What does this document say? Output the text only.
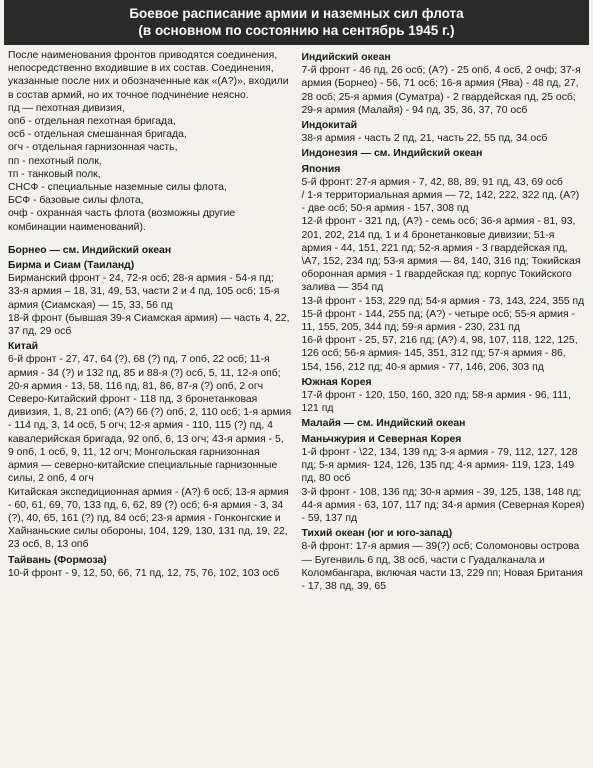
Боевое расписание армии и наземных сил флота
(в основном по состоянию на сентябрь 1945 г.)

После наименования фронтов приводятся соединения, непосредственно входившие в их состав. Соединения, указанные после них и обозначенные как «(А?)», входили в состав армий, но их точное подчинение неясно.

пд — пехотная дивизия,

опб - отдельная пехотная бригада,

осб - отдельная смешанная бригада,

огч - отдельная гарнизонная часть,

пп - пехотный полк,

тп - танковый полк,

СНСФ - специальные наземные силы флота,

БСФ - базовые силы флота,

очф - охранная часть флота (возможны другие комбинации наименований).

Борнео — см. Индийский океан
Бирма и Сиам (Таиланд)

Бирманский фронт - 24, 72-я осб; 28-я армия - 54-я пд; 33-я армия – 18, 31, 49, 53, части 2 и 4 пд, 105 осб; 15-я армия (Сиамская) — 15, 33, 56 пд

18-й фронт (бывшая 39-я Сиамская армия) — часть 4, 22, 37 пд, 29 осб

Китай

6-й фронт - 27, 47, 64 (?), 68 (?) пд, 7 опб, 22 осб; 11-я армия - 34 (?) и 132 пд, 85 и 88-я (?) осб, 5, 11, 12-я опб; 20-я армия - 13, 58, 116 пд, 81, 86, 87-я (?) опб, 2 огч

Северо-Китайский фронт - 118 пд, 3 бронетанковая дивизия, 1, 8, 21 опб; (А?) 66 (?) опб, 2, 110 осб; 1-я армия - 114 пд, 3, 14 осб, 5 огч; 12-я армия - 110, 115 (?) пд, 4 кавалерийская бригада, 92 опб, 6, 13 огч; 43-я армия - 5, 9 опб, 1 осб, 9, 11, 12 огч; Монгольская гарнизонная армия — северно-китайские специальные гарнизонные силы, 2 опб, 4 огч

Китайская экспедиционная армия - (А?) 6 осб; 13-я армия - 60, 61, 69, 70, 133 пд, 6, 62, 89 (?) осб; 6-я армия - 3, 34 (?), 40, 65, 161 (?) пд, 84 осб; 23-я армия - Гонконгские и Хайнаньские силы обороны, 104, 129, 130, 131 пд, 19, 22, 23 осб, 8, 13 опб

Тайвань (Формоза)

10-й фронт - 9, 12, 50, 66, 71 пд, 12, 75, 76, 102, 103 осб

Индийский океан

7-й фронт - 46 пд, 26 осб; (А?) - 25 опб, 4 осб, 2 очф; 37-я армия (Борнео) - 56, 71 осб; 16-я армия (Ява) - 48 пд, 27, 28 осб; 25-я армия (Суматра) - 2 гвардейская пд, 25 осб; 29-я армия (Малайя) - 94 пд, 35, 36, 37, 70 осб

Индокитай

38-я армия - часть 2 пд, 21, часть 22, 55 пд, 34 осб

Индонезия — см. Индийский океан
Япония

5-й фронт: 27-я армия - 7, 42, 88, 89, 91 пд, 43, 69 осб

/ 1-я территориальная армия — 72, 142, 222, 322 пд, (А?) - две осб; 50-я армия - 157, 308 пд

12-й фронт - 321 пд, (А?) - семь осб; 36-я армия - 81, 93, 201, 202, 214 пд, 1 и 4 бронетанковые дивизии; 51-я армия - 44, 151, 221 пд; 52-я армия - 3 гвардейская пд, \А7, 152, 234 пд; 53-я армия — 84, 140, 316 пд; Токийская оборонная армия - 1 гвардейская пд; корпус Токийского залива — 354 пд

13-й фронт - 153, 229 пд; 54-я армия - 73, 143, 224, 355 пд

15-й фронт - 144, 255 пд; (А?) - четыре осб; 55-я армия - 11, 155, 205, 344 пд; 59-я армия - 230, 231 пд

16-й фронт - 25, 57, 216 пд; (А?) 4, 98, 107, 118, 122, 125, 126 осб; 56-я армия- 145, 351, 312 пд; 57-я армия - 86, 154, 156, 212 пд; 40-я армия - 77, 146, 206, 303 пд

Южная Корея

17-й фронт - 120, 150, 160, 320 пд; 58-я армия - 96, 111, 121 пд

Малайя — см. Индийский океан
Маньчжурия и Северная Корея

1-й фронт - \22, 134, 139 пд; 3-я армия - 79, 112, 127, 128 пд; 5-я армия- 124, 126, 135 пд; 4-я армия- 119, 123, 149 пд, 80 осб

3-й фронт - 108, 136 пд; 30-я армия - 39, 125, 138, 148 пд; 44-я армия - 63, 107, 117 пд; 34-я армия (Северная Корея) - 59, 137 пд

Тихий океан (юг и юго-запад)

8-й фронт: 17-я армия — 39(?) осб; Соломоновы острова — Бугенвиль 6 пд, 38 осб, части с Гуадалканала и Коломбангара, включая части 13, 229 пп; Новая Британия - 17, 38 пд, 39, 65
